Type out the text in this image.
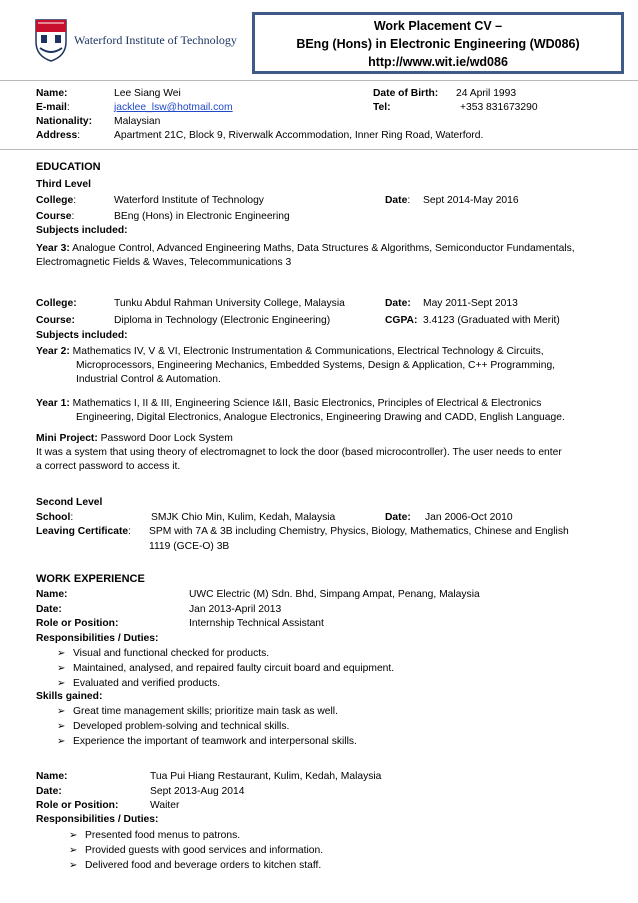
Waterford Institute of Technology
Work Placement CV –
BEng (Hons) in Electronic Engineering (WD086)
http://www.wit.ie/wd086
Name:	Lee Siang Wei	Date of Birth: 24 April 1993
E-mail:	jacklee_lsw@hotmail.com	Tel:	+353 831673290
Nationality: Malaysian
Address:	Apartment 21C, Block 9, Riverwalk Accommodation, Inner Ring Road, Waterford.
EDUCATION
Third Level
College:	Waterford Institute of Technology	Date: Sept 2014-May 2016
Course:	BEng (Hons) in Electronic Engineering
Subjects included:
Year 3: Analogue Control, Advanced Engineering Maths, Data Structures & Algorithms, Semiconductor Fundamentals,
Electromagnetic Fields & Waves, Telecommunications 3
College:	Tunku Abdul Rahman University College, Malaysia	Date: May 2011-Sept 2013
Course:	Diploma in Technology (Electronic Engineering)	CGPA: 3.4123 (Graduated with Merit)
Subjects included:
Year 2: Mathematics IV, V & VI, Electronic Instrumentation & Communications, Electrical Technology & Circuits,
Microprocessors, Engineering Mechanics, Embedded Systems, Design & Application, C++ Programming,
Industrial Control & Automation.
Year 1: Mathematics I, II & III, Engineering Science I&II, Basic Electronics, Principles of Electrical & Electronics
Engineering, Digital Electronics, Analogue Electronics, Engineering Drawing and CADD, English Language.
Mini Project: Password Door Lock System
It was a system that using theory of electromagnet to lock the door (based microcontroller). The user needs to enter
a correct password to access it.
Second Level
School:	SMJK Chio Min, Kulim, Kedah, Malaysia	Date: Jan 2006-Oct 2010
Leaving Certificate: SPM with 7A & 3B including Chemistry, Physics, Biology, Mathematics, Chinese and English
1119 (GCE-O) 3B
WORK EXPERIENCE
Name:	UWC Electric (M) Sdn. Bhd, Simpang Ampat, Penang, Malaysia
Date:	Jan 2013-April 2013
Role or Position:	Internship Technical Assistant
Responsibilities / Duties:
➢ Visual and functional checked for products.
➢ Maintained, analysed, and repaired faulty circuit board and equipment.
➢ Evaluated and verified products.
Skills gained:
➢ Great time management skills; prioritize main task as well.
➢ Developed problem-solving and technical skills.
➢ Experience the important of teamwork and interpersonal skills.
Name:	Tua Pui Hiang Restaurant, Kulim, Kedah, Malaysia
Date:	Sept 2013-Aug 2014
Role or Position:	Waiter
Responsibilities / Duties:
➢ Presented food menus to patrons.
➢ Provided guests with good services and information.
➢ Delivered food and beverage orders to kitchen staff.
